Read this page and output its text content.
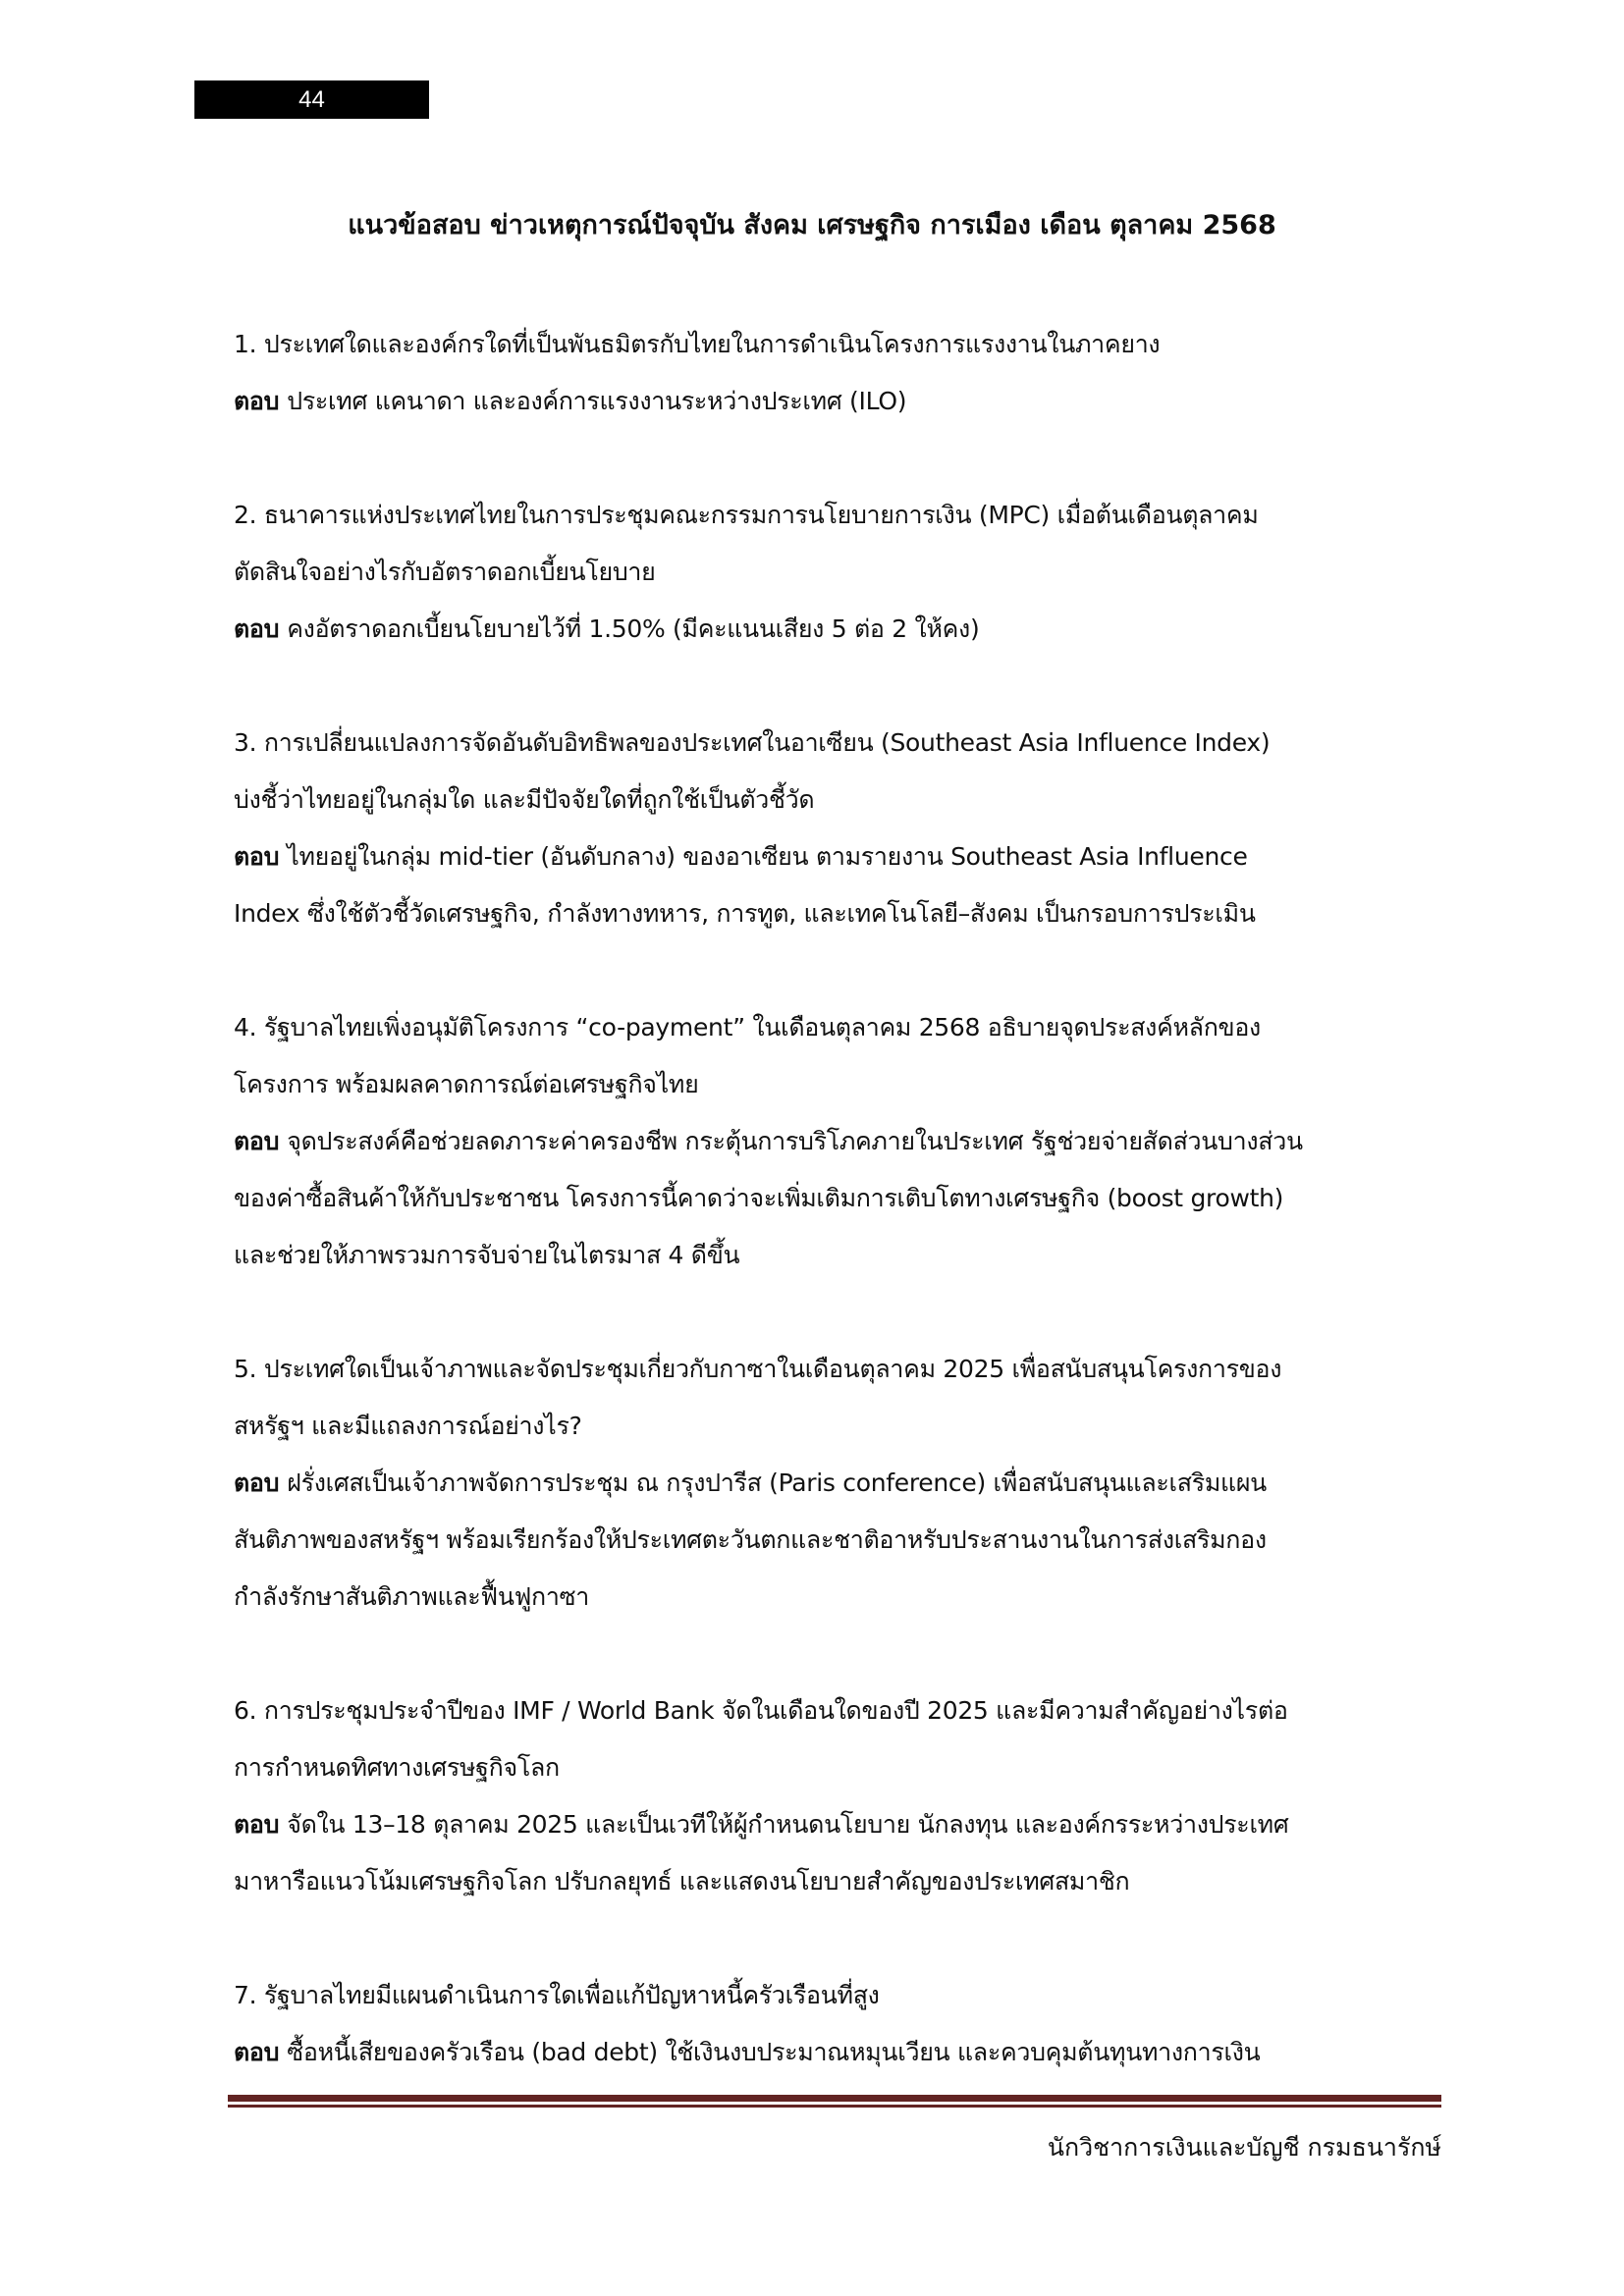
44
แนวข้อสอบ ข่าวเหตุการณ์ปัจจุบัน สังคม เศรษฐกิจ การเมือง เดือน ตุลาคม 2568
1. ประเทศใดและองค์กรใดที่เป็นพันธมิตรกับไทยในการดำเนินโครงการแรงงานในภาคยาง
ตอบ ประเทศ แคนาดา และองค์การแรงงานระหว่างประเทศ (ILO)
2. ธนาคารแห่งประเทศไทยในการประชุมคณะกรรมการนโยบายการเงิน (MPC) เมื่อต้นเดือนตุลาคม
ตัดสินใจอย่างไรกับอัตราดอกเบี้ยนโยบาย
ตอบ คงอัตราดอกเบี้ยนโยบายไว้ที่ 1.50% (มีคะแนนเสียง 5 ต่อ 2 ให้คง)
3. การเปลี่ยนแปลงการจัดอันดับอิทธิพลของประเทศในอาเซียน (Southeast Asia Influence Index)
บ่งชี้ว่าไทยอยู่ในกลุ่มใด และมีปัจจัยใดที่ถูกใช้เป็นตัวชี้วัด
ตอบ ไทยอยู่ในกลุ่ม mid-tier (อันดับกลาง) ของอาเซียน ตามรายงาน Southeast Asia Influence
Index ซึ่งใช้ตัวชี้วัดเศรษฐกิจ, กำลังทางทหาร, การทูต, และเทคโนโลยี–สังคม เป็นกรอบการประเมิน
4. รัฐบาลไทยเพิ่งอนุมัติโครงการ “co-payment” ในเดือนตุลาคม 2568 อธิบายจุดประสงค์หลักของ
โครงการ พร้อมผลคาดการณ์ต่อเศรษฐกิจไทย
ตอบ จุดประสงค์คือช่วยลดภาระค่าครองชีพ กระตุ้นการบริโภคภายในประเทศ รัฐช่วยจ่ายสัดส่วนบางส่วน
ของค่าซื้อสินค้าให้กับประชาชน โครงการนี้คาดว่าจะเพิ่มเติมการเติบโตทางเศรษฐกิจ (boost growth)
และช่วยให้ภาพรวมการจับจ่ายในไตรมาส 4 ดีขึ้น
5. ประเทศใดเป็นเจ้าภาพและจัดประชุมเกี่ยวกับกาซาในเดือนตุลาคม 2025 เพื่อสนับสนุนโครงการของ
สหรัฐฯ และมีแถลงการณ์อย่างไร?
ตอบ ฝรั่งเศสเป็นเจ้าภาพจัดการประชุม ณ กรุงปารีส (Paris conference) เพื่อสนับสนุนและเสริมแผน
สันติภาพของสหรัฐฯ พร้อมเรียกร้องให้ประเทศตะวันตกและชาติอาหรับประสานงานในการส่งเสริมกอง
กำลังรักษาสันติภาพและฟื้นฟูกาซา
6. การประชุมประจำปีของ IMF / World Bank จัดในเดือนใดของปี 2025 และมีความสำคัญอย่างไรต่อ
การกำหนดทิศทางเศรษฐกิจโลก
ตอบ จัดใน 13–18 ตุลาคม 2025 และเป็นเวทีให้ผู้กำหนดนโยบาย นักลงทุน และองค์กรระหว่างประเทศ
มาหารือแนวโน้มเศรษฐกิจโลก ปรับกลยุทธ์ และแสดงนโยบายสำคัญของประเทศสมาชิก
7. รัฐบาลไทยมีแผนดำเนินการใดเพื่อแก้ปัญหาหนี้ครัวเรือนที่สูง
ตอบ ซื้อหนี้เสียของครัวเรือน (bad debt) ใช้เงินงบประมาณหมุนเวียน และควบคุมต้นทุนทางการเงิน
นักวิชาการเงินและบัญชี กรมธนารักษ์
